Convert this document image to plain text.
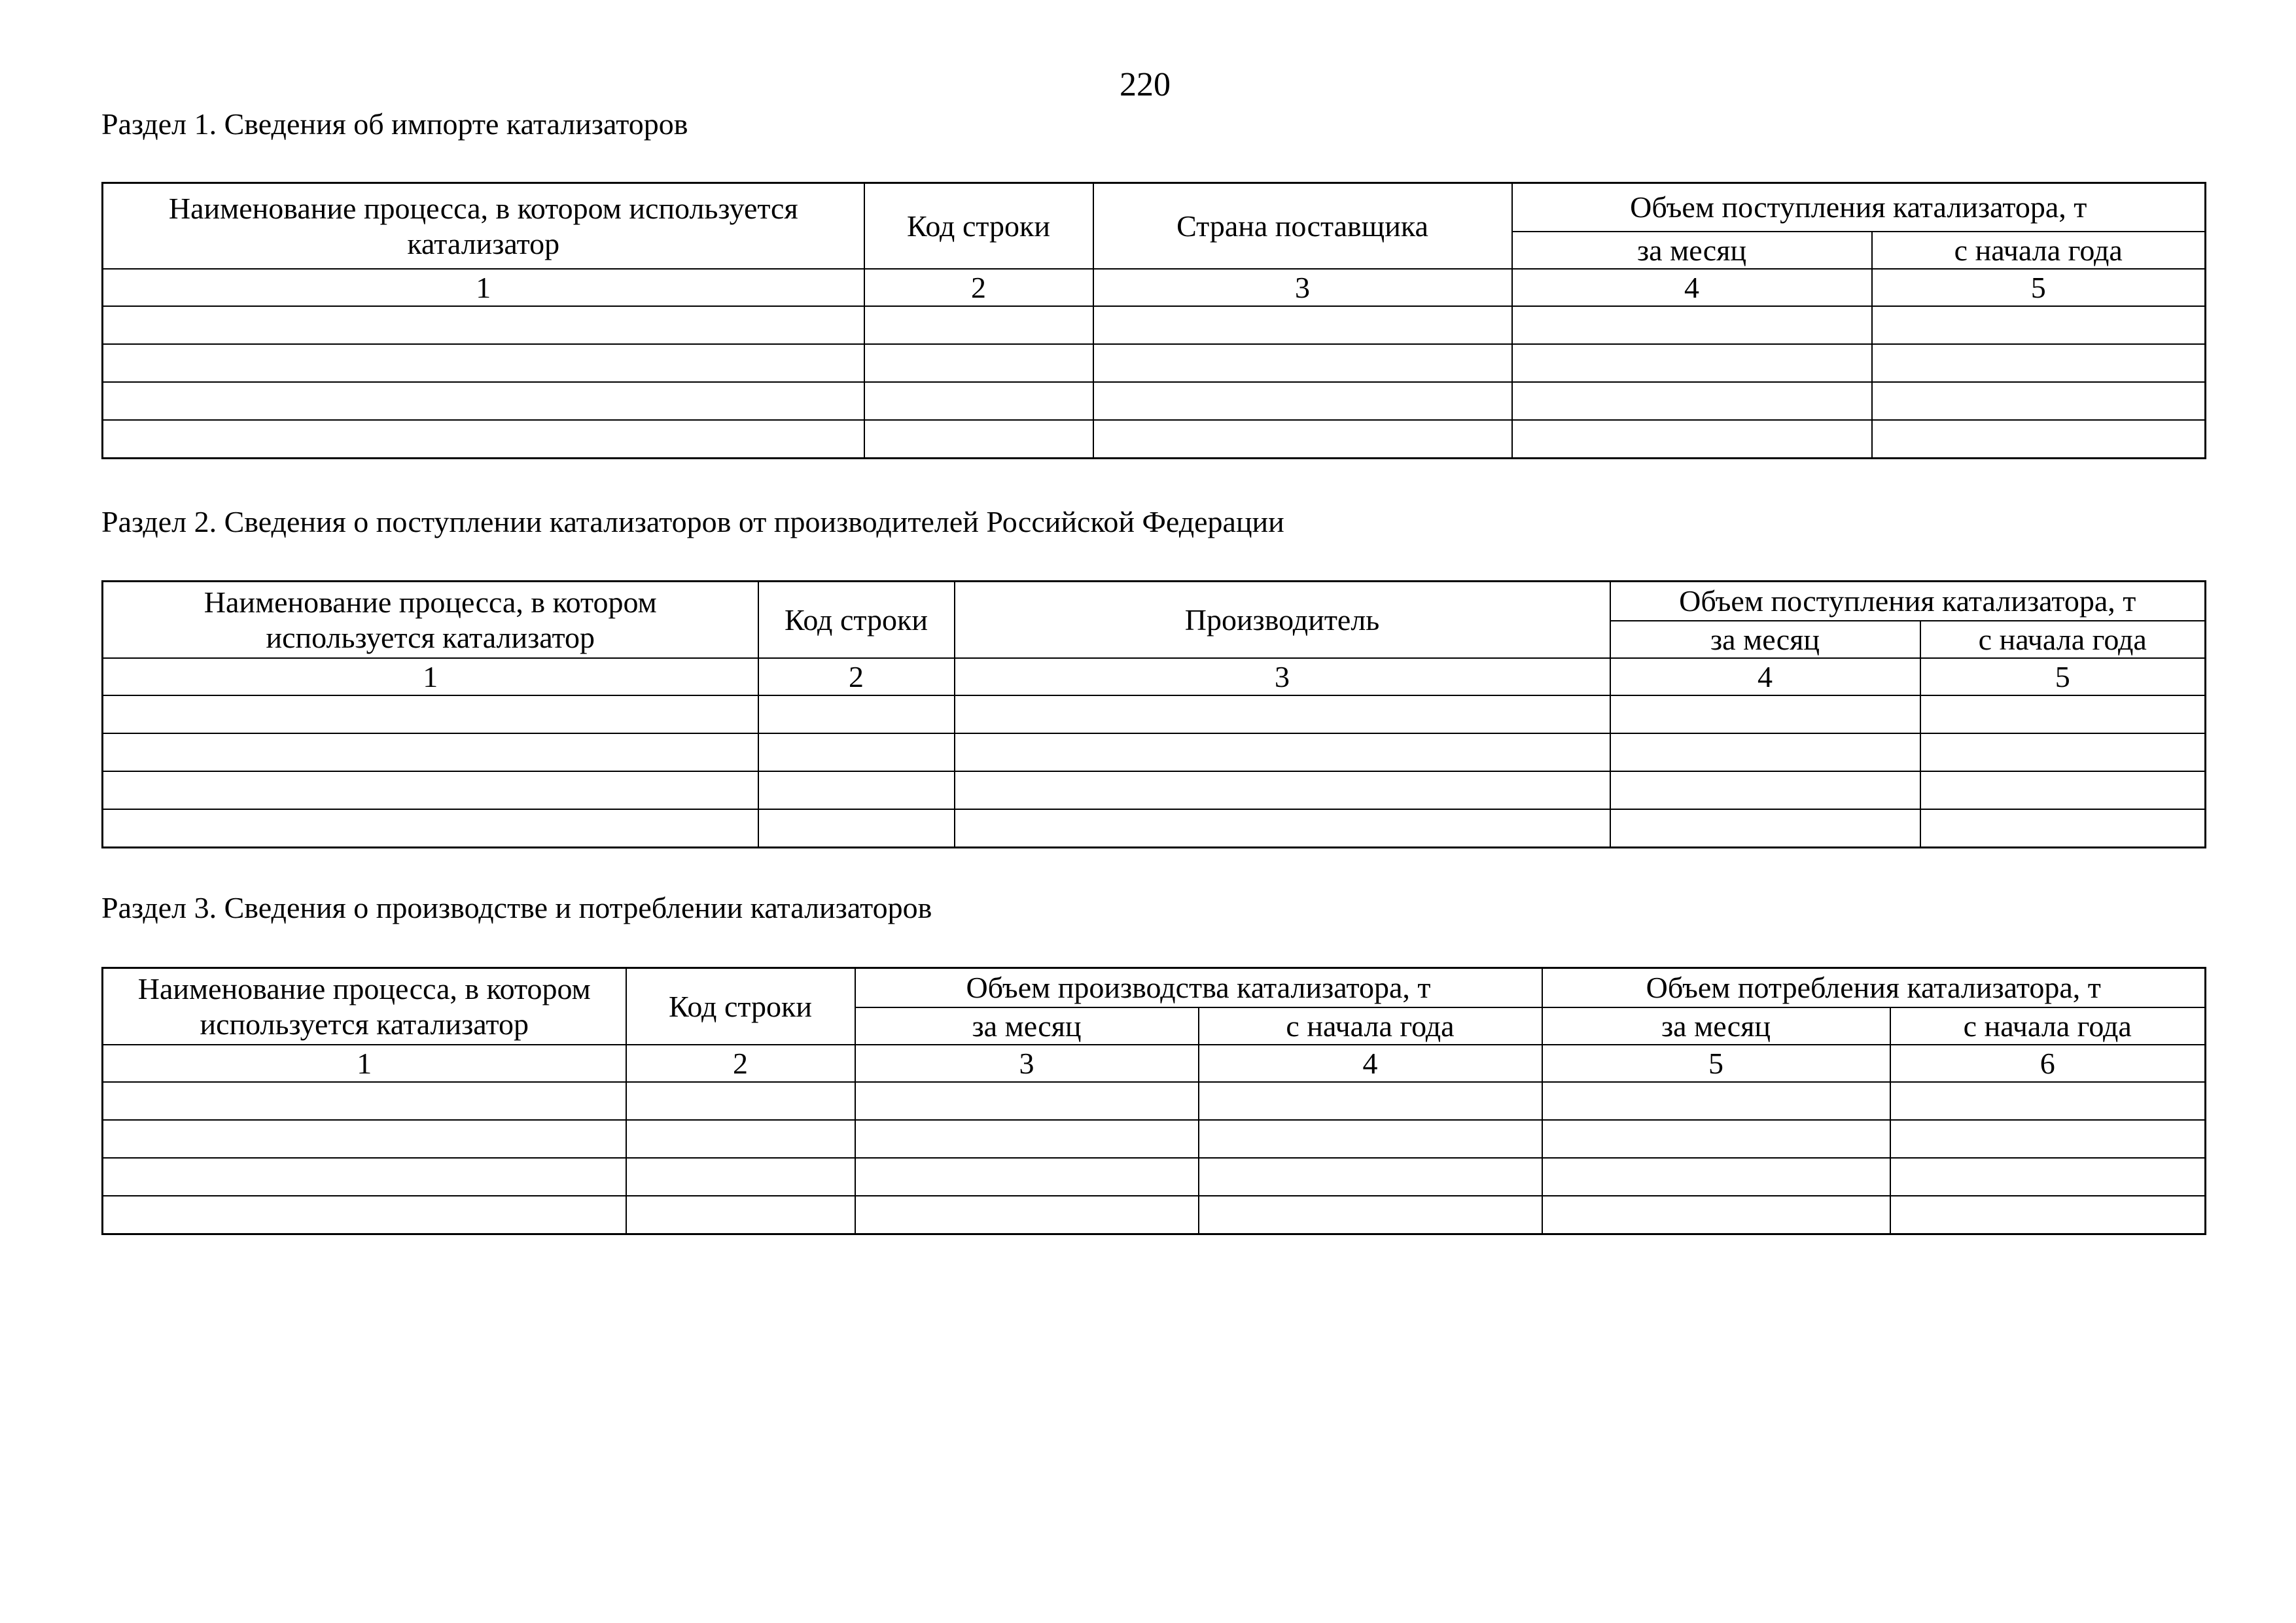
220
Раздел 1. Сведения об импорте катализаторов
Наименование процесса, в котором используется катализатор	Код строки	Страна поставщика	Объем поступления катализатора, т	
			за месяц	с начала года
1	2	3	4	5

Раздел 2. Сведения о поступлении катализаторов от производителей Российской Федерации
Наименование процесса, в котором используется катализатор	Код строки	Производитель	Объем поступления катализатора, т	
			за месяц	с начала года
1	2	3	4	5

Раздел 3. Сведения о производстве и потреблении катализаторов
Наименование процесса, в котором используется катализатор	Код строки	Объем производства катализатора, т		Объем потребления катализатора, т	
		за месяц	с начала года	за месяц	с начала года
1	2	3	4	5	6
